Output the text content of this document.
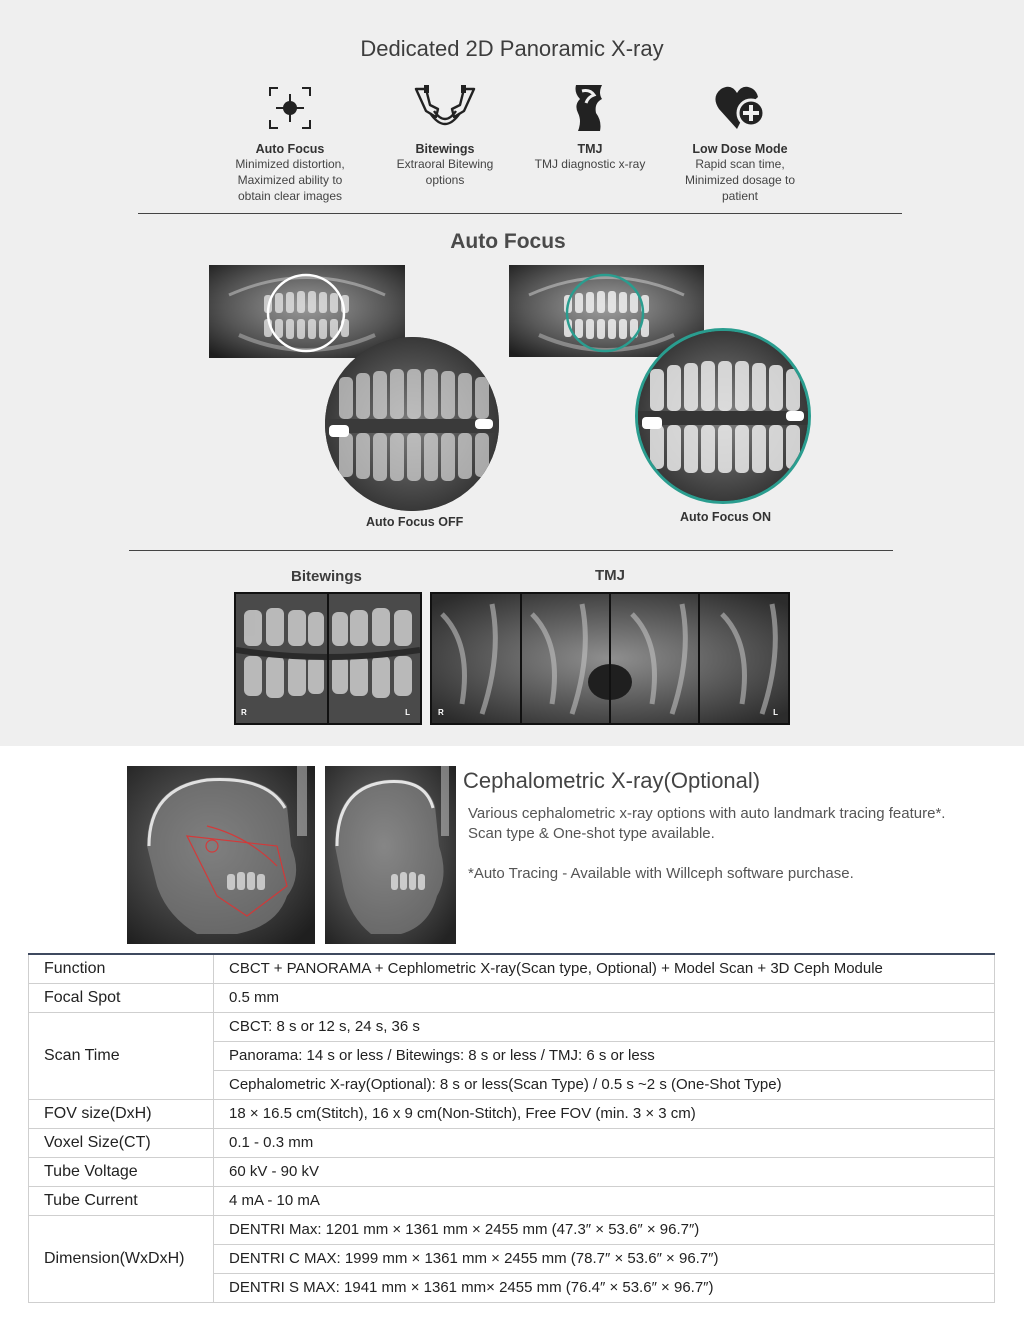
Dedicated 2D Panoramic X-ray
Auto Focus
Minimized distortion,
Maximized ability to
obtain clear images
Bitewings
Extraoral Bitewing
options
TMJ
TMJ diagnostic x-ray
Low Dose Mode
Rapid scan time,
Minimized dosage to
patient
Auto Focus
Auto Focus OFF	Auto Focus ON
Bitewings	TMJ
R	L	R	L
Cephalometric X-ray(Optional)
Various cephalometric x-ray options with auto landmark tracing feature*.
Scan type & One-shot type available.
*Auto Tracing - Available with Willceph software purchase.
Function	CBCT + PANORAMA + Cephlometric X-ray(Scan type, Optional) + Model Scan + 3D Ceph Module
Focal Spot	0.5 mm
Scan Time	CBCT: 8 s or 12 s, 24 s, 36 s
	Panorama: 14 s or less / Bitewings: 8 s or less / TMJ: 6 s or less
	Cephalometric X-ray(Optional): 8 s or less(Scan Type) / 0.5 s ~2 s (One-Shot Type)
FOV size(DxH)	18 × 16.5 cm(Stitch), 16 x 9 cm(Non-Stitch), Free FOV (min. 3 × 3 cm)
Voxel Size(CT)	0.1 - 0.3 mm
Tube Voltage	60 kV - 90 kV
Tube Current	4 mA - 10 mA
Dimension(WxDxH)	DENTRI Max: 1201 mm × 1361 mm × 2455 mm (47.3″ × 53.6″ × 96.7″)
	DENTRI C MAX: 1999 mm × 1361 mm × 2455 mm (78.7″ × 53.6″ × 96.7″)
	DENTRI S MAX: 1941 mm × 1361 mm× 2455 mm (76.4″ × 53.6″ × 96.7″)
